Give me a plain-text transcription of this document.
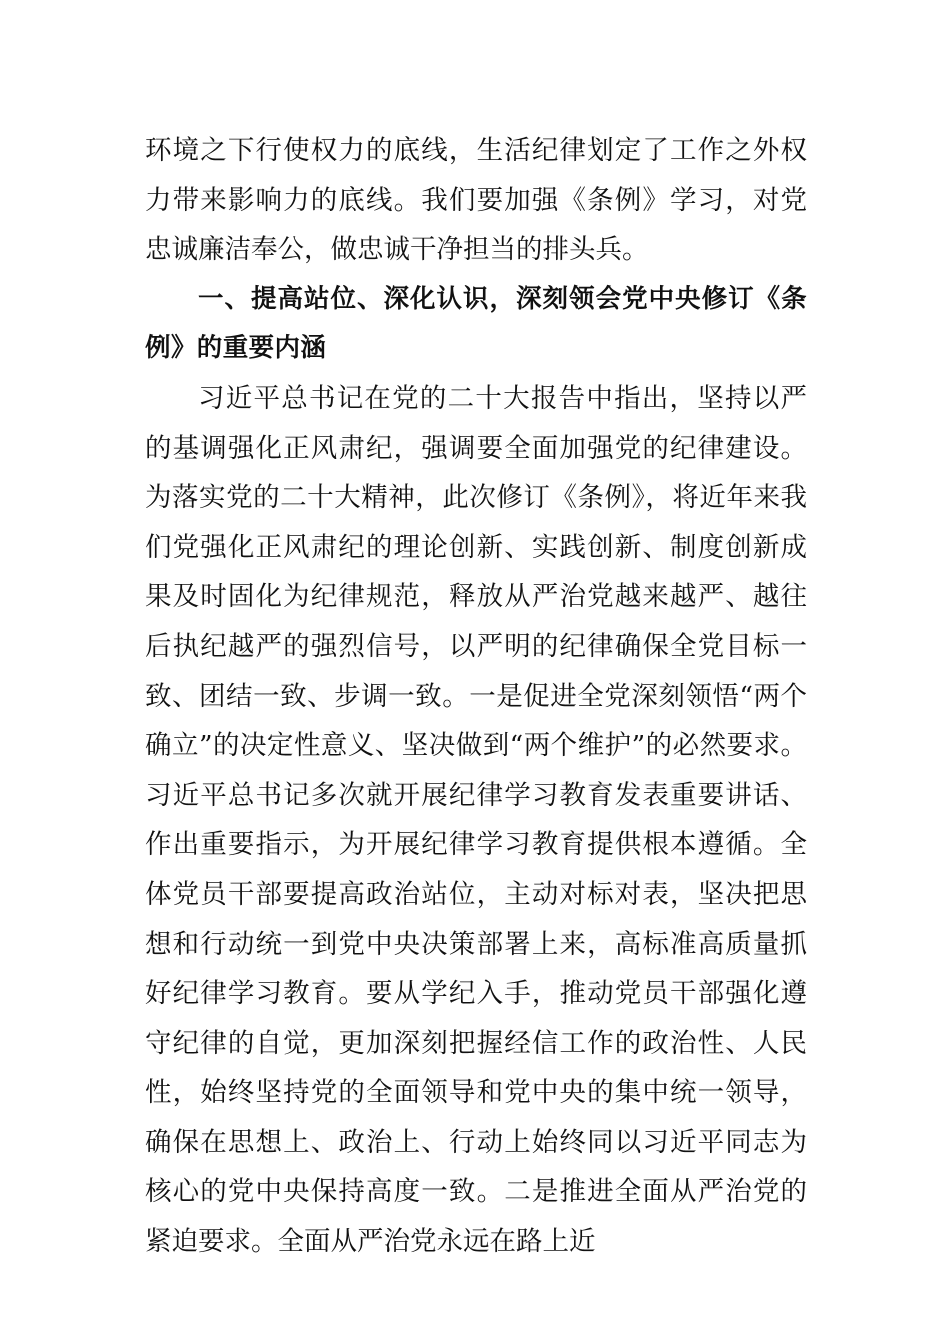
环境之下行使权力的底线，生活纪律划定了工作之外权力带来影响力的底线。我们要加强《条例》学习，对党忠诚廉洁奉公，做忠诚干净担当的排头兵。

一、提高站位、深化认识，深刻领会党中央修订《条例》的重要内涵

习近平总书记在党的二十大报告中指出，坚持以严的基调强化正风肃纪，强调要全面加强党的纪律建设。为落实党的二十大精神，此次修订《条例》，将近年来我们党强化正风肃纪的理论创新、实践创新、制度创新成果及时固化为纪律规范，释放从严治党越来越严、越往后执纪越严的强烈信号，以严明的纪律确保全党目标一致、团结一致、步调一致。一是促进全党深刻领悟“两个确立”的决定性意义、坚决做到“两个维护”的必然要求。习近平总书记多次就开展纪律学习教育发表重要讲话、作出重要指示，为开展纪律学习教育提供根本遵循。全体党员干部要提高政治站位，主动对标对表，坚决把思想和行动统一到党中央决策部署上来，高标准高质量抓好纪律学习教育。要从学纪入手，推动党员干部强化遵守纪律的自觉，更加深刻把握经信工作的政治性、人民性，始终坚持党的全面领导和党中央的集中统一领导，确保在思想上、政治上、行动上始终同以习近平同志为核心的党中央保持高度一致。二是推进全面从严治党的紧迫要求。全面从严治党永远在路上近
